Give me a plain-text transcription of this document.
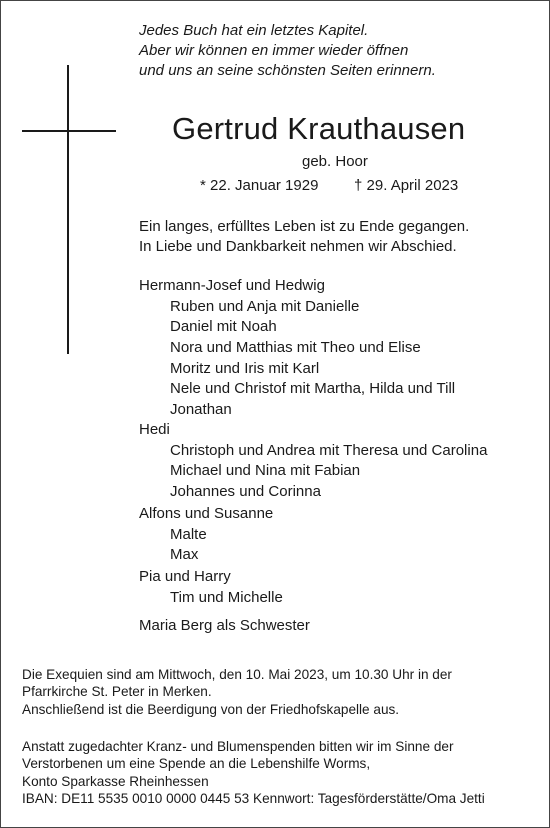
Jedes Buch hat ein letztes Kapitel.
Aber wir können en immer wieder öffnen
und uns an seine schönsten Seiten erinnern.
Gertrud Krauthausen
geb. Hoor
* 22. Januar 1929 † 29. April 2023
Ein langes, erfülltes Leben ist zu Ende gegangen.
In Liebe und Dankbarkeit nehmen wir Abschied.
Hermann-Josef und Hedwig
Ruben und Anja mit Danielle
Daniel mit Noah
Nora und Matthias mit Theo und Elise
Moritz und Iris mit Karl
Nele und Christof mit Martha, Hilda und Till
Jonathan
Hedi
Christoph und Andrea mit Theresa und Carolina
Michael und Nina mit Fabian
Johannes und Corinna
Alfons und Susanne
Malte
Max
Pia und Harry
Tim und Michelle
Maria Berg als Schwester
Die Exequien sind am Mittwoch, den 10. Mai 2023, um 10.30 Uhr in der
Pfarrkirche St. Peter in Merken.
Anschließend ist die Beerdigung von der Friedhofskapelle aus.
Anstatt zugedachter Kranz- und Blumenspenden bitten wir im Sinne der
Verstorbenen um eine Spende an die Lebenshilfe Worms,
Konto Sparkasse Rheinhessen
IBAN: DE11 5535 0010 0000 0445 53 Kennwort: Tagesförderstätte/Oma Jetti
